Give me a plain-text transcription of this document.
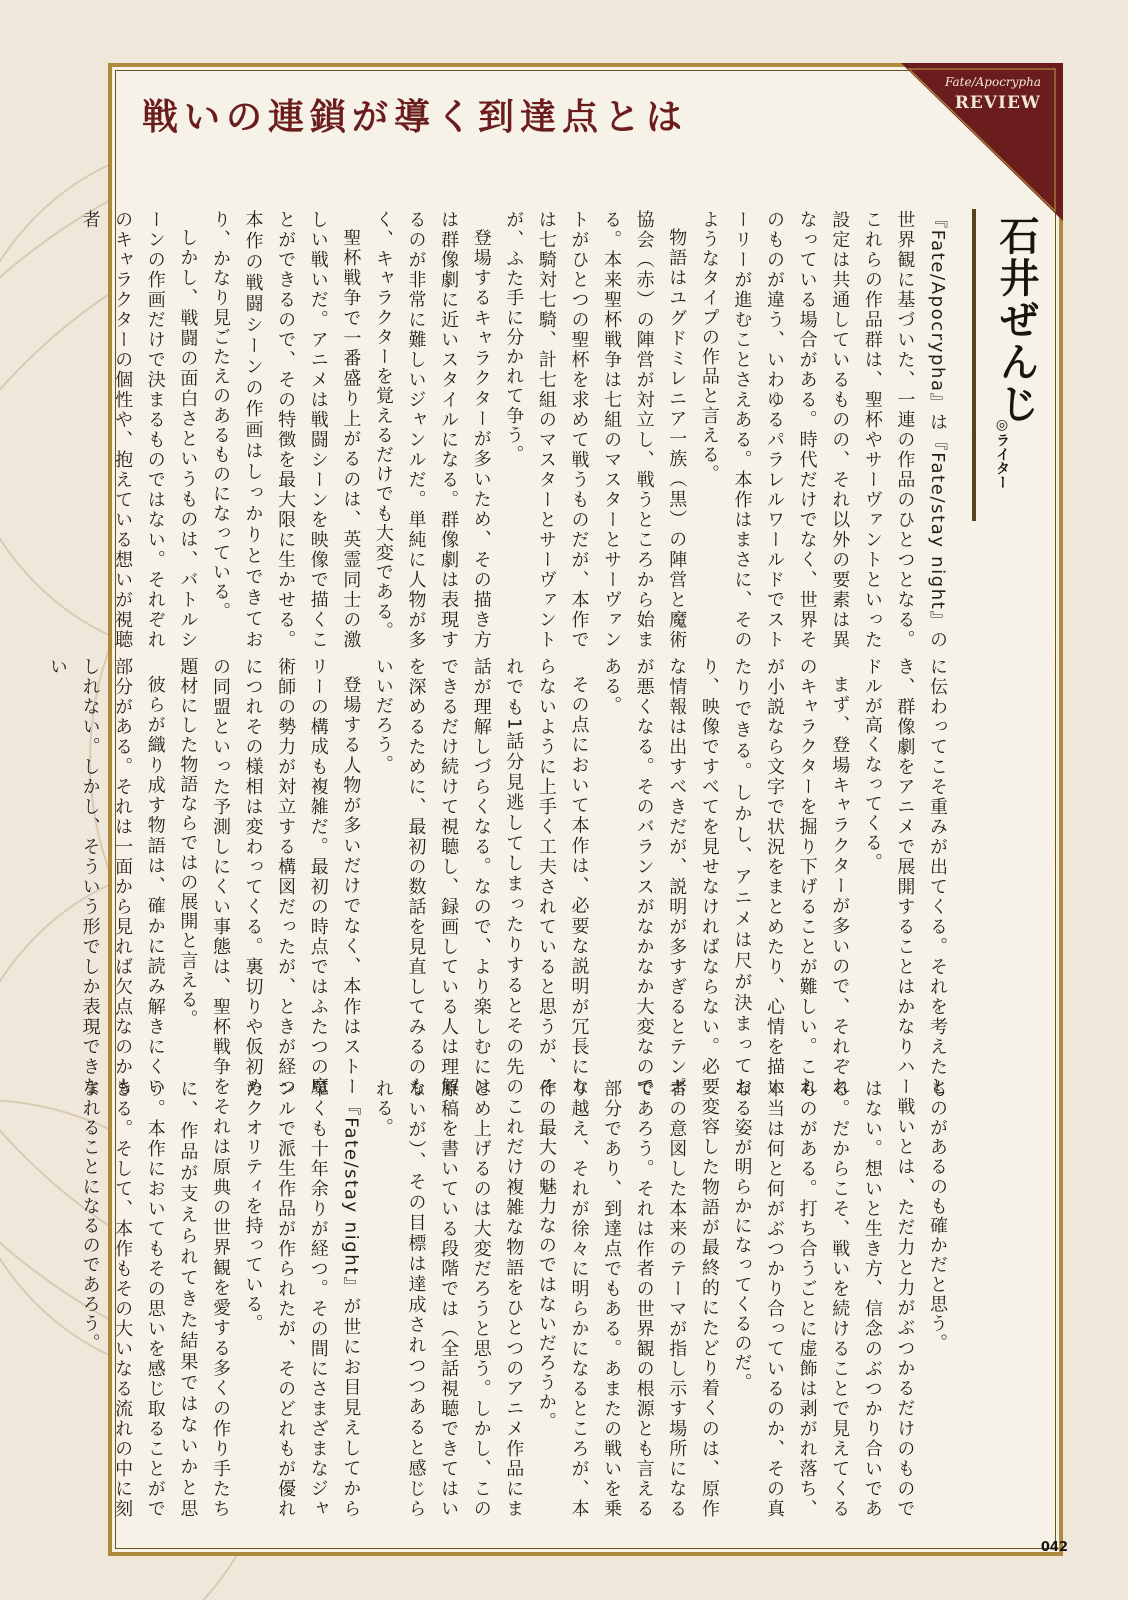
戦いの連鎖が導く到達点とは
Fate/Apocrypha
REVIEW
石井ぜんじ
◎ライター

『Fate/Apocrypha』は『Fate/stay night』の世界観に基づいた、一連の作品のひとつとなる。これらの作品群は、聖杯やサーヴァントといった設定は共通しているものの、それ以外の要素は異なっている場合がある。時代だけでなく、世界そのものが違う、いわゆるパラレルワールドでストーリーが進むことさえある。本作はまさに、そのようなタイプの作品と言える。

物語はユグドミレニア一族（黒）の陣営と魔術協会（赤）の陣営が対立し、戦うところから始まる。本来聖杯戦争は七組のマスターとサーヴァントがひとつの聖杯を求めて戦うものだが、本作では七騎対七騎、計七組のマスターとサーヴァントが、ふた手に分かれて争う。

登場するキャラクターが多いため、その描き方は群像劇に近いスタイルになる。群像劇は表現するのが非常に難しいジャンルだ。単純に人物が多く、キャラクターを覚えるだけでも大変である。

聖杯戦争で一番盛り上がるのは、英霊同士の激しい戦いだ。アニメは戦闘シーンを映像で描くことができるので、その特徴を最大限に生かせる。本作の戦闘シーンの作画はしっかりとできており、かなり見ごたえのあるものになっている。

しかし、戦闘の面白さというものは、バトルシーンの作画だけで決まるものではない。それぞれのキャラクターの個性や、抱えている想いが視聴者

に伝わってこそ重みが出てくる。それを考えたとき、群像劇をアニメで展開することはかなりハードルが高くなってくる。

まず、登場キャラクターが多いので、それぞれのキャラクターを掘り下げることが難しい。これが小説なら文字で状況をまとめたり、心情を描いたりできる。しかし、アニメは尺が決まっており、映像ですべてを見せなければならない。必要な情報は出すべきだが、説明が多すぎるとテンポが悪くなる。そのバランスがなかなか大変なのである。

その点において本作は、必要な説明が冗長にならないように上手く工夫されていると思うが、それでも1話分見逃してしまったりするとその先の話が理解しづらくなる。なので、より楽しむにはできるだけ続けて視聴し、録画している人は理解を深めるために、最初の数話を見直してみるのもいいだろう。

登場する人物が多いだけでなく、本作はストーリーの構成も複雑だ。最初の時点ではふたつの魔術師の勢力が対立する構図だったが、ときが経つにつれその様相は変わってくる。裏切りや仮初めの同盟といった予測しにくい事態は、聖杯戦争を題材にした物語ならではの展開と言える。

彼らが織り成す物語は、確かに読み解きにくい部分がある。それは一面から見れば欠点なのかもしれない。しかし、そういう形でしか表現できない

ものがあるのも確かだと思う。

戦いとは、ただ力と力がぶつかるだけのものではない。想いと生き方、信念のぶつかり合いである。だからこそ、戦いを続けることで見えてくるものがある。打ち合うごとに虚飾は剥がれ落ち、本当は何と何がぶつかり合っているのか、その真なる姿が明らかになってくるのだ。

変容した物語が最終的にたどり着くのは、原作者の意図した本来のテーマが指し示す場所になるであろう。それは作者の世界観の根源とも言える部分であり、到達点でもある。あまたの戦いを乗り越え、それが徐々に明らかになるところが、本作の最大の魅力なのではないだろうか。

これだけ複雑な物語をひとつのアニメ作品にまとめ上げるのは大変だろうと思う。しかし、この原稿を書いている段階では（全話視聴できてはいないが）、その目標は達成されつつあると感じられる。

『Fate/stay night』が世にお目見えしてから早くも十年余りが経つ。その間にさまざまなジャンルで派生作品が作られたが、そのどれもが優れたクオリティを持っている。

それは原典の世界観を愛する多くの作り手たちに、作品が支えられてきた結果ではないかと思う。本作においてもその思いを感じ取ることができる。そして、本作もその大いなる流れの中に刻まれることになるのであろう。

042
